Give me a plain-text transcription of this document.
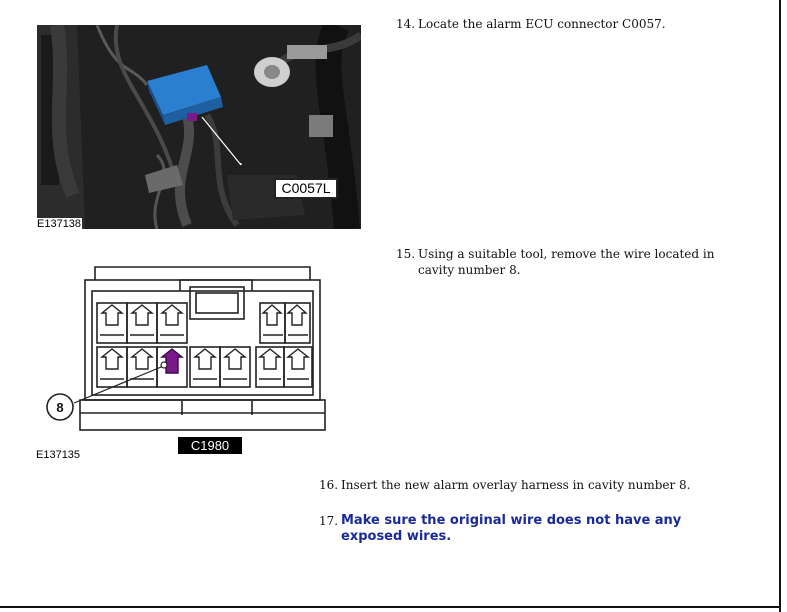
C0057L
E137138
8
C1980
E137135
14. Locate the alarm ECU connector C0057.
15. Using a suitable tool, remove the wire located in cavity number 8.
16. Insert the new alarm overlay harness in cavity number 8.
17. Make sure the original wire does not have any exposed wires.
